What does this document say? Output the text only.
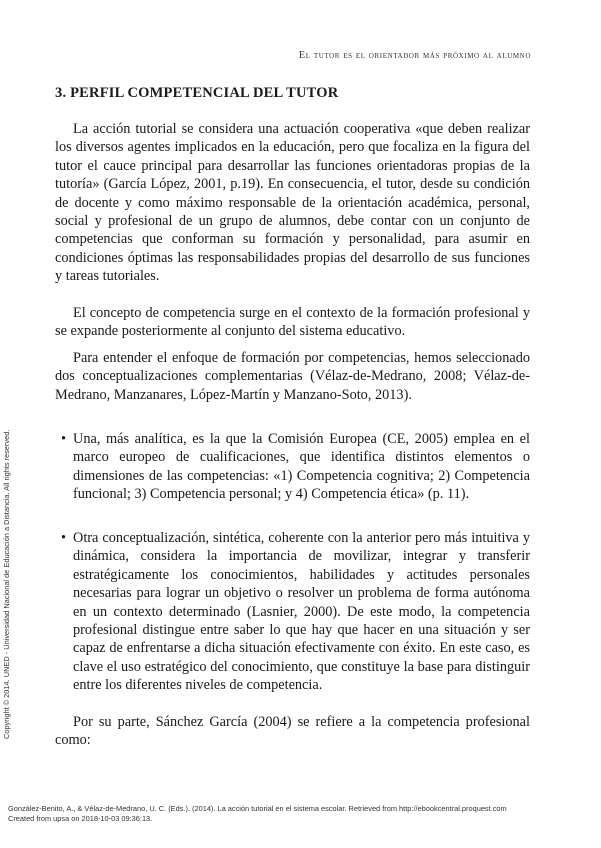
El tutor es el orientador más próximo al alumno
3. PERFIL COMPETENCIAL DEL TUTOR

La acción tutorial se considera una actuación cooperativa «que deben realizar los diversos agentes implicados en la educación, pero que focaliza en la figura del tutor el cauce principal para desarrollar las funciones orientadoras propias de la tutoría» (García López, 2001, p.19). En consecuencia, el tutor, desde su condición de docente y como máximo responsable de la orientación académica, personal, social y profesional de un grupo de alumnos, debe contar con un conjunto de competencias que conforman su formación y personalidad, para asumir en condiciones óptimas las responsabilidades propias del desarrollo de sus funciones y tareas tutoriales.

El concepto de competencia surge en el contexto de la formación profesional y se expande posteriormente al conjunto del sistema educativo.

Para entender el enfoque de formación por competencias, hemos seleccionado dos conceptualizaciones complementarias (Vélaz-de-Medrano, 2008; Vélaz-de-Medrano, Manzanares, López-Martín y Manzano-Soto, 2013).

• Una, más analítica, es la que la Comisión Europea (CE, 2005) emplea en el marco europeo de cualificaciones, que identifica distintos elementos o dimensiones de las competencias: «1) Competencia cognitiva; 2) Competencia funcional; 3) Competencia personal; y 4) Competencia ética» (p. 11).
• Otra conceptualización, sintética, coherente con la anterior pero más intuitiva y dinámica, considera la importancia de movilizar, integrar y transferir estratégicamente los conocimientos, habilidades y actitudes personales necesarias para lograr un objetivo o resolver un problema de forma autónoma en un contexto determinado (Lasnier, 2000). De este modo, la competencia profesional distingue entre saber lo que hay que hacer en una situación y ser capaz de enfrentarse a dicha situación efectivamente con éxito. En este caso, es clave el uso estratégico del conocimiento, que constituye la base para distinguir entre los diferentes niveles de competencia.

Por su parte, Sánchez García (2004) se refiere a la competencia profesional como:

Copyright © 2014. UNED - Universidad Nacional de Educación a Distancia. All rights reserved.
González-Benito, A., & Vélaz-de-Medrano, U. C. (Eds.). (2014). La acción tutorial en el sistema escolar. Retrieved from http://ebookcentral.proquest.com
Created from upsa on 2018-10-03 09:36:13.
